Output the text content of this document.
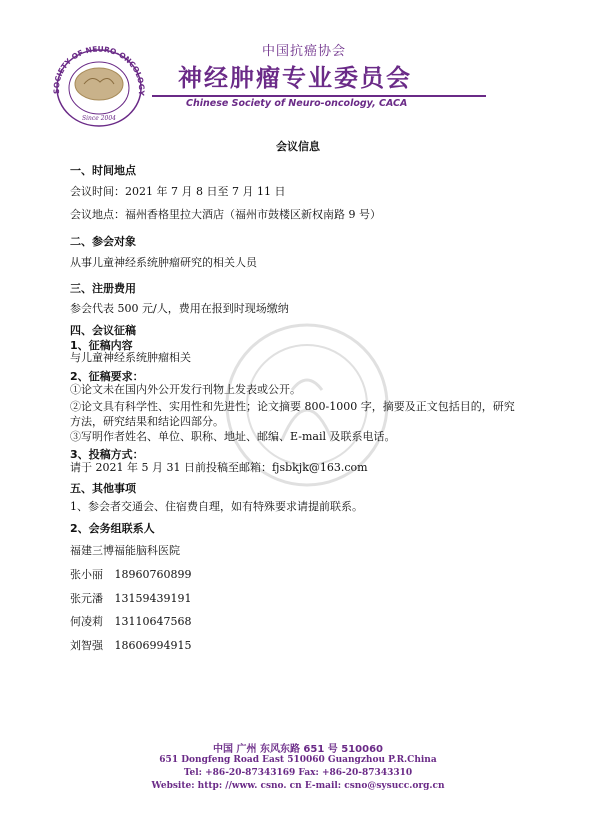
SOCIETY OF NEURO-ONCOLOGY
Since 2004
中国抗癌协会
神经肿瘤专业委员会
Chinese Society of Neuro-oncology, CACA
会议信息
一、时间地点
会议时间：2021 年 7 月 8 日至 7 月 11 日
会议地点：福州香格里拉大酒店（福州市鼓楼区新权南路 9 号）
二、参会对象
从事儿童神经系统肿瘤研究的相关人员
三、注册费用
参会代表 500 元/人，费用在报到时现场缴纳
四、会议征稿
1、征稿内容
与儿童神经系统肿瘤相关
2、征稿要求：
①论文未在国内外公开发行刊物上发表或公开。
②论文具有科学性、实用性和先进性；论文摘要 800-1000 字，摘要及正文包括目的，研究
方法，研究结果和结论四部分。
③写明作者姓名、单位、职称、地址、邮编、E-mail 及联系电话。
3、投稿方式：
请于 2021 年 5 月 31 日前投稿至邮箱：fjsbkjk@163.com
五、其他事项
1、参会者交通会、住宿费自理，如有特殊要求请提前联系。
2、会务组联系人
福建三博福能脑科医院
张小丽 18960760899
张元潘 13159439191
何凌莉 13110647568
刘智强 18606994915
中国 广州 东风东路 651 号 510060
651 Dongfeng Road East 510060 Guangzhou P.R.China
Tel: +86-20-87343169 Fax: +86-20-87343310
Website: http: //www. csno. cn E-mail: csno@sysucc.org.cn
